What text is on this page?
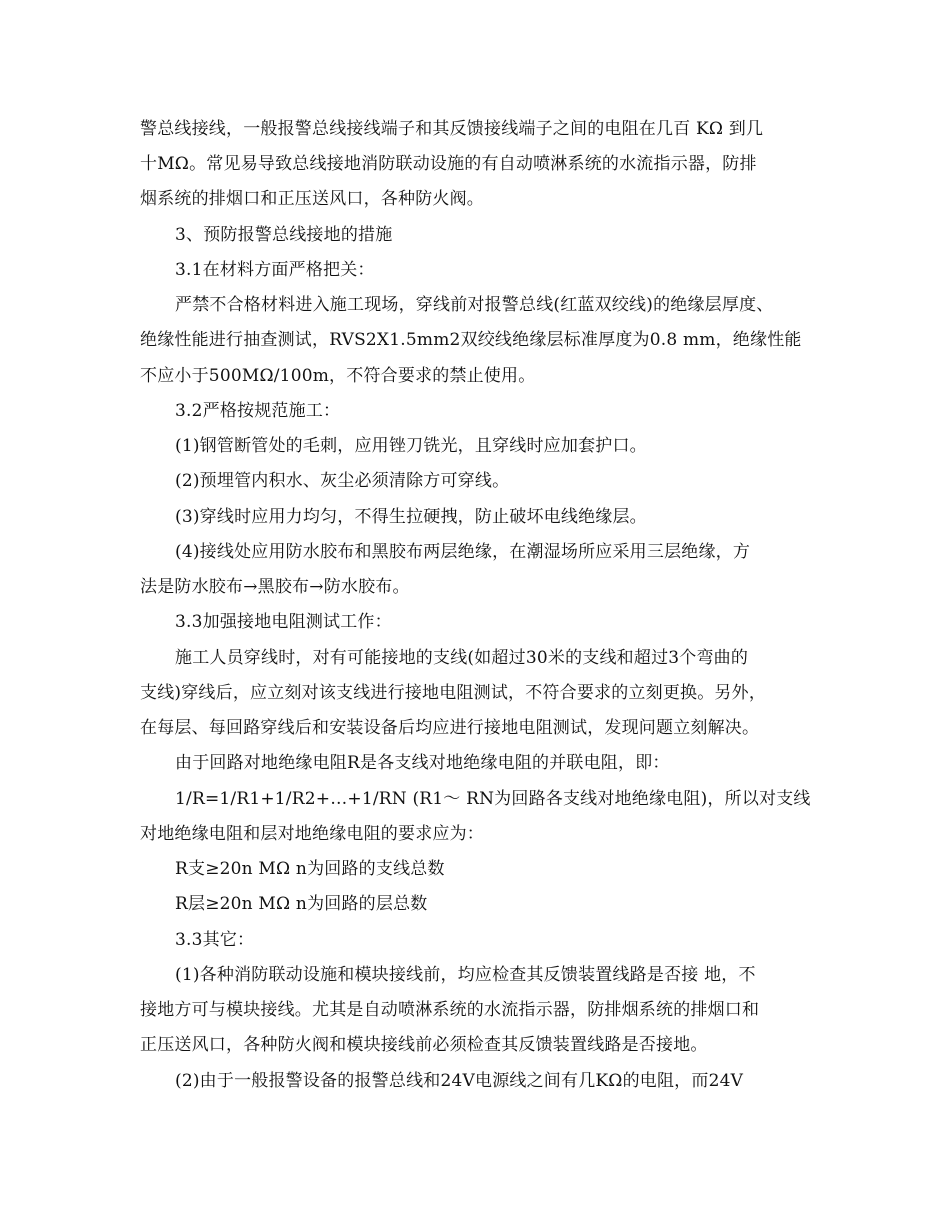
警总线接线，一般报警总线接线端子和其反馈接线端子之间的电阻在几百 KΩ 到几
十MΩ。常见易导致总线接地消防联动设施的有自动喷淋系统的水流指示器，防排
烟系统的排烟口和正压送风口，各种防火阀。
3、预防报警总线接地的措施
3.1在材料方面严格把关：
严禁不合格材料进入施工现场，穿线前对报警总线(红蓝双绞线)的绝缘层厚度、
绝缘性能进行抽查测试，RVS2X1.5mm2双绞线绝缘层标准厚度为0.8 mm，绝缘性能
不应小于500MΩ/100m，不符合要求的禁止使用。
3.2严格按规范施工：
(1)钢管断管处的毛刺，应用锉刀铣光，且穿线时应加套护口。
(2)预埋管内积水、灰尘必须清除方可穿线。
(3)穿线时应用力均匀，不得生拉硬拽，防止破坏电线绝缘层。
(4)接线处应用防水胶布和黑胶布两层绝缘，在潮湿场所应采用三层绝缘，方
法是防水胶布→黑胶布→防水胶布。
3.3加强接地电阻测试工作：
施工人员穿线时，对有可能接地的支线(如超过30米的支线和超过3个弯曲的
支线)穿线后，应立刻对该支线进行接地电阻测试，不符合要求的立刻更换。另外，
在每层、每回路穿线后和安装设备后均应进行接地电阻测试，发现问题立刻解决。
由于回路对地绝缘电阻R是各支线对地绝缘电阻的并联电阻，即：
1/R=1/R1+1/R2+…+1/RN (R1～ RN为回路各支线对地绝缘电阻)，所以对支线
对地绝缘电阻和层对地绝缘电阻的要求应为：
R支≥20n MΩ n为回路的支线总数
R层≥20n MΩ n为回路的层总数
3.3其它：
(1)各种消防联动设施和模块接线前，均应检查其反馈装置线路是否接 地，不
接地方可与模块接线。尤其是自动喷淋系统的水流指示器，防排烟系统的排烟口和
正压送风口，各种防火阀和模块接线前必须检查其反馈装置线路是否接地。
(2)由于一般报警设备的报警总线和24V电源线之间有几KΩ的电阻，而24V
